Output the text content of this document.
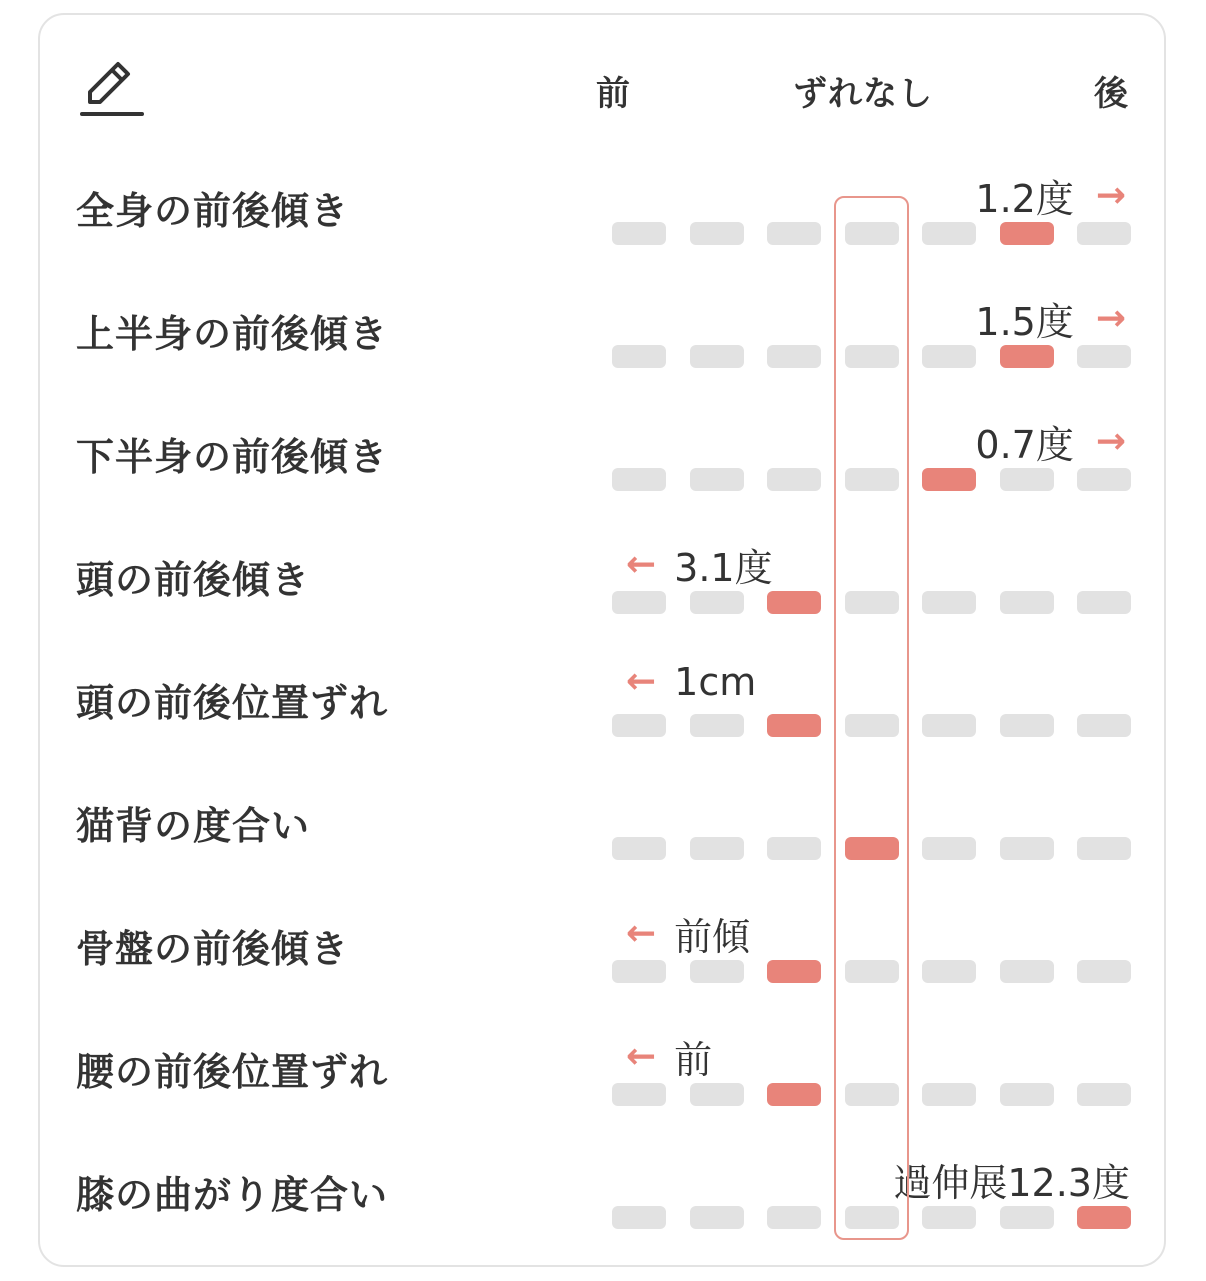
前	ずれなし	後
全身の前後傾き	1.2度 →
上半身の前後傾き	1.5度 →
下半身の前後傾き	0.7度 →
頭の前後傾き	← 3.1度
頭の前後位置ずれ	← 1cm
猫背の度合い
骨盤の前後傾き	← 前傾
腰の前後位置ずれ	← 前
膝の曲がり度合い	過伸展12.3度
